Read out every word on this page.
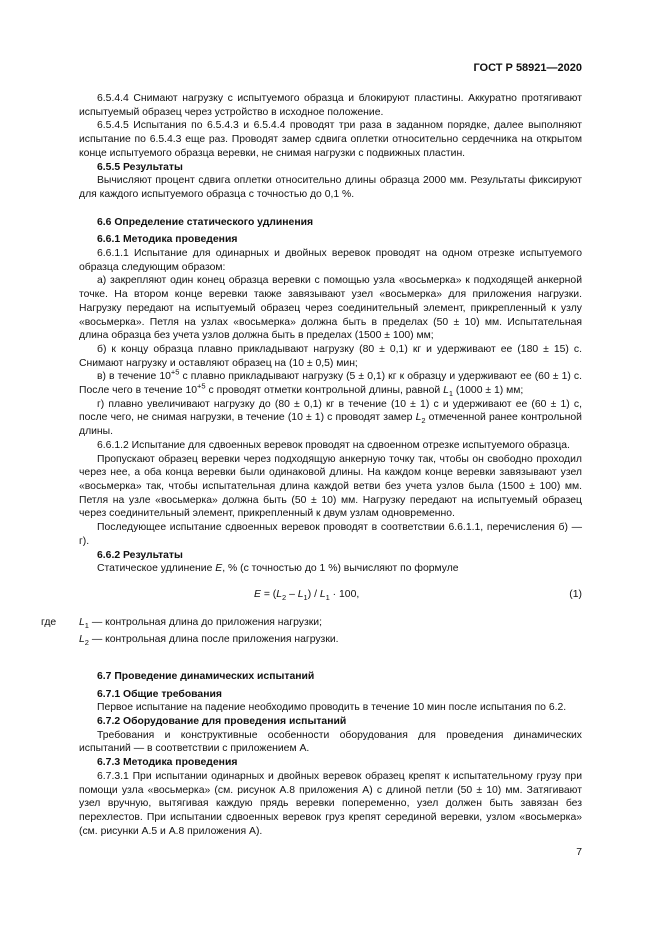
ГОСТ Р 58921—2020

6.5.4.4 Снимают нагрузку с испытуемого образца и блокируют пластины. Аккуратно протягивают испытуемый образец через устройство в исходное положение.

6.5.4.5 Испытания по 6.5.4.3 и 6.5.4.4 проводят три раза в заданном порядке, далее выполняют испытание по 6.5.4.3 еще раз. Проводят замер сдвига оплетки относительно сердечника на открытом конце испытуемого образца веревки, не снимая нагрузки с подвижных пластин.

6.5.5 Результаты

Вычисляют процент сдвига оплетки относительно длины образца 2000 мм. Результаты фиксируют для каждого испытуемого образца с точностью до 0,1 %.

6.6 Определение статического удлинения

6.6.1 Методика проведения

6.6.1.1 Испытание для одинарных и двойных веревок проводят на одном отрезке испытуемого образца следующим образом:

а) закрепляют один конец образца веревки с помощью узла «восьмерка» к подходящей анкерной точке. На втором конце веревки также завязывают узел «восьмерка» для приложения нагрузки. Нагрузку передают на испытуемый образец через соединительный элемент, прикрепленный к узлу «восьмерка». Петля на узлах «восьмерка» должна быть в пределах (50 ± 10) мм. Испытательная длина образца без учета узлов должна быть в пределах (1500 ± 100) мм;

б) к концу образца плавно прикладывают нагрузку (80 ± 0,1) кг и удерживают ее (180 ± 15) с. Снимают нагрузку и оставляют образец на (10 ± 0,5) мин;

в) в течение $10^{+5}$ с плавно прикладывают нагрузку (5 ± 0,1) кг к образцу и удерживают ее (60 ± 1) с. После чего в течение $10^{+5}$ с проводят отметки контрольной длины, равной $L_1$ (1000 ± 1) мм;

г) плавно увеличивают нагрузку до (80 ± 0,1) кг в течение (10 ± 1) с и удерживают ее (60 ± 1) с, после чего, не снимая нагрузки, в течение (10 ± 1) с проводят замер $L_2$ отмеченной ранее контрольной длины.

6.6.1.2 Испытание для сдвоенных веревок проводят на сдвоенном отрезке испытуемого образца.

Пропускают образец веревки через подходящую анкерную точку так, чтобы он свободно проходил через нее, а оба конца веревки были одинаковой длины. На каждом конце веревки завязывают узел «восьмерка» так, чтобы испытательная длина каждой ветви без учета узлов была (1500 ± 100) мм. Петля на узле «восьмерка» должна быть (50 ± 10) мм. Нагрузку передают на испытуемый образец через соединительный элемент, прикрепленный к двум узлам одновременно.

Последующее испытание сдвоенных веревок проводят в соответствии 6.6.1.1, перечисления б) — г).

6.6.2 Результаты

Статическое удлинение E, % (с точностью до 1 %) вычисляют по формуле

$E = (L_2 - L_1) / L_1 \cdot 100$,	(1)
где $L_1$ — контрольная длина до приложения нагрузки;
$L_2$ — контрольная длина после приложения нагрузки.

6.7 Проведение динамических испытаний

6.7.1 Общие требования

Первое испытание на падение необходимо проводить в течение 10 мин после испытания по 6.2.

6.7.2 Оборудование для проведения испытаний

Требования и конструктивные особенности оборудования для проведения динамических испытаний — в соответствии с приложением А.

6.7.3 Методика проведения

6.7.3.1 При испытании одинарных и двойных веревок образец крепят к испытательному грузу при помощи узла «восьмерка» (см. рисунок А.8 приложения А) с длиной петли (50 ± 10) мм. Затягивают узел вручную, вытягивая каждую прядь веревки попеременно, узел должен быть завязан без перехлестов. При испытании сдвоенных веревок груз крепят серединой веревки, узлом «восьмерка» (см. рисунки А.5 и А.8 приложения А).

7
